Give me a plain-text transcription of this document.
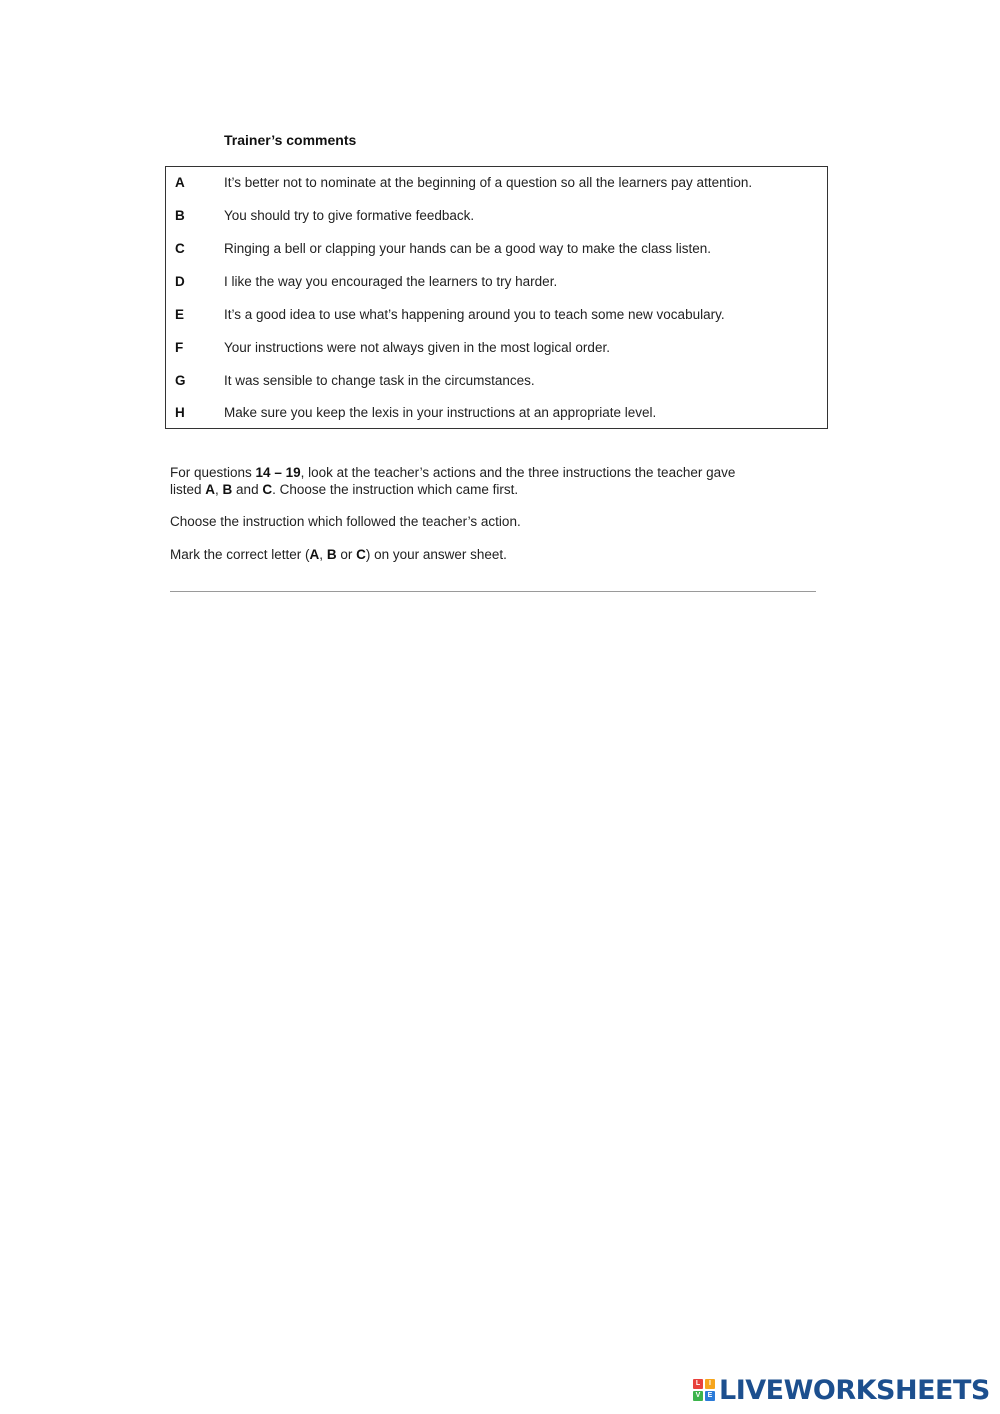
Trainer’s comments
A	It’s better not to nominate at the beginning of a question so all the learners pay attention.
B	You should try to give formative feedback.
C	Ringing a bell or clapping your hands can be a good way to make the class listen.
D	I like the way you encouraged the learners to try harder.
E	It’s a good idea to use what’s happening around you to teach some new vocabulary.
F	Your instructions were not always given in the most logical order.
G	It was sensible to change task in the circumstances.
H	Make sure you keep the lexis in your instructions at an appropriate level.
For questions 14 – 19, look at the teacher’s actions and the three instructions the teacher gave
listed A, B and C. Choose the instruction which came first.
Choose the instruction which followed the teacher’s action.
Mark the correct letter (A, B or C) on your answer sheet.
L	I
V	E LIVEWORKSHEETS
